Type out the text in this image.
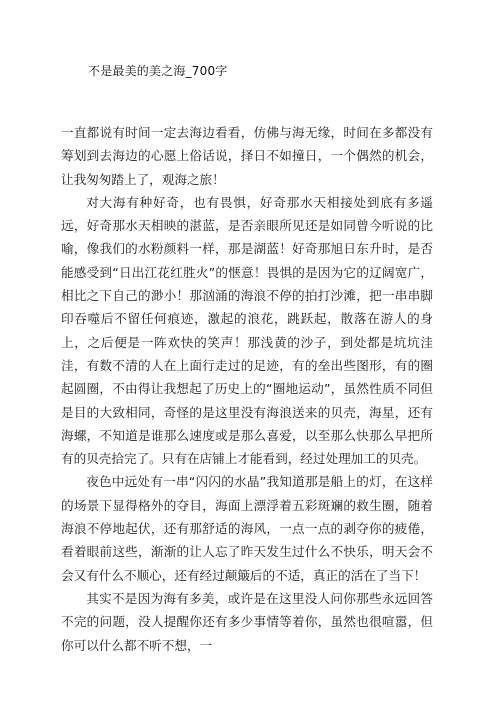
不是最美的美之海_700字

一直都说有时间一定去海边看看，仿佛与海无缘，时间在多都没有筹划到去海边的心愿上俗话说，择日不如撞日，一个偶然的机会，让我匆匆踏上了，观海之旅！

对大海有种好奇，也有畏惧，好奇那水天相接处到底有多遥远，好奇那水天相映的湛蓝，是否亲眼所见还是如同曾今听说的比喻，像我们的水粉颜料一样，那是湖蓝！好奇那旭日东升时，是否能感受到“日出江花红胜火”的惬意！畏惧的是因为它的辽阔宽广，相比之下自己的渺小！那汹涌的海浪不停的拍打沙滩，把一串串脚印吞噬后不留任何痕迹，激起的浪花，跳跃起，散落在游人的身上，之后便是一阵欢快的笑声！那浅黄的沙子，到处都是坑坑洼洼，有数不清的人在上面行走过的足迹，有的垒出些图形，有的圈起圆圈，不由得让我想起了历史上的“圈地运动”，虽然性质不同但是目的大致相同，奇怪的是这里没有海浪送来的贝壳，海星，还有海螺，不知道是谁那么速度或是那么喜爱，以至那么快那么早把所有的贝壳拾完了。只有在店铺上才能看到，经过处理加工的贝壳。

夜色中远处有一串“闪闪的水晶”我知道那是船上的灯，在这样的场景下显得格外的夺目，海面上漂浮着五彩斑斓的救生圈，随着海浪不停地起伏，还有那舒适的海风，一点一点的剥夺你的疲倦，看着眼前这些，渐渐的让人忘了昨天发生过什么不快乐，明天会不会又有什么不顺心，还有经过颠簸后的不适，真正的活在了当下！

其实不是因为海有多美，或许是在这里没人问你那些永远回答不完的问题，没人提醒你还有多少事情等着你，虽然也很喧嚣，但你可以什么都不听不想，一
